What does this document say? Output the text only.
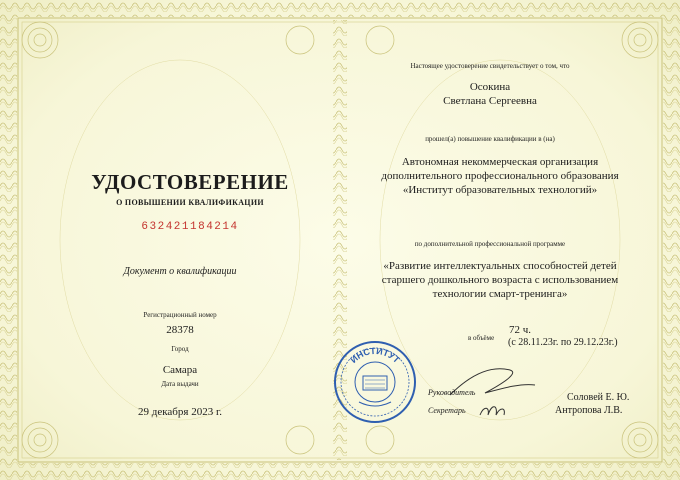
УДОСТОВЕРЕНИЕ
О ПОВЫШЕНИИ КВАЛИФИКАЦИИ
632421184214
Документ о квалификации
Регистрационный номер
28378
Город
Самара
Дата выдачи
29 декабря 2023 г.
Настоящее удостоверение свидетельствует о том, что
Осокина
Светлана Сергеевна
прошел(а) повышение квалификации в (на)
Автономная некоммерческая организация
дополнительного профессионального образования
«Институт образовательных технологий»
по дополнительной профессиональной программе
«Развитие интеллектуальных способностей детей
старшего дошкольного возраста с использованием
технологии смарт-тренинга»
в объёме
72 ч.
(с 28.11.23г. по 29.12.23г.)
ИНСТИТУТ
Руководитель
Секретарь
Соловей Е. Ю.
Антропова Л.В.
